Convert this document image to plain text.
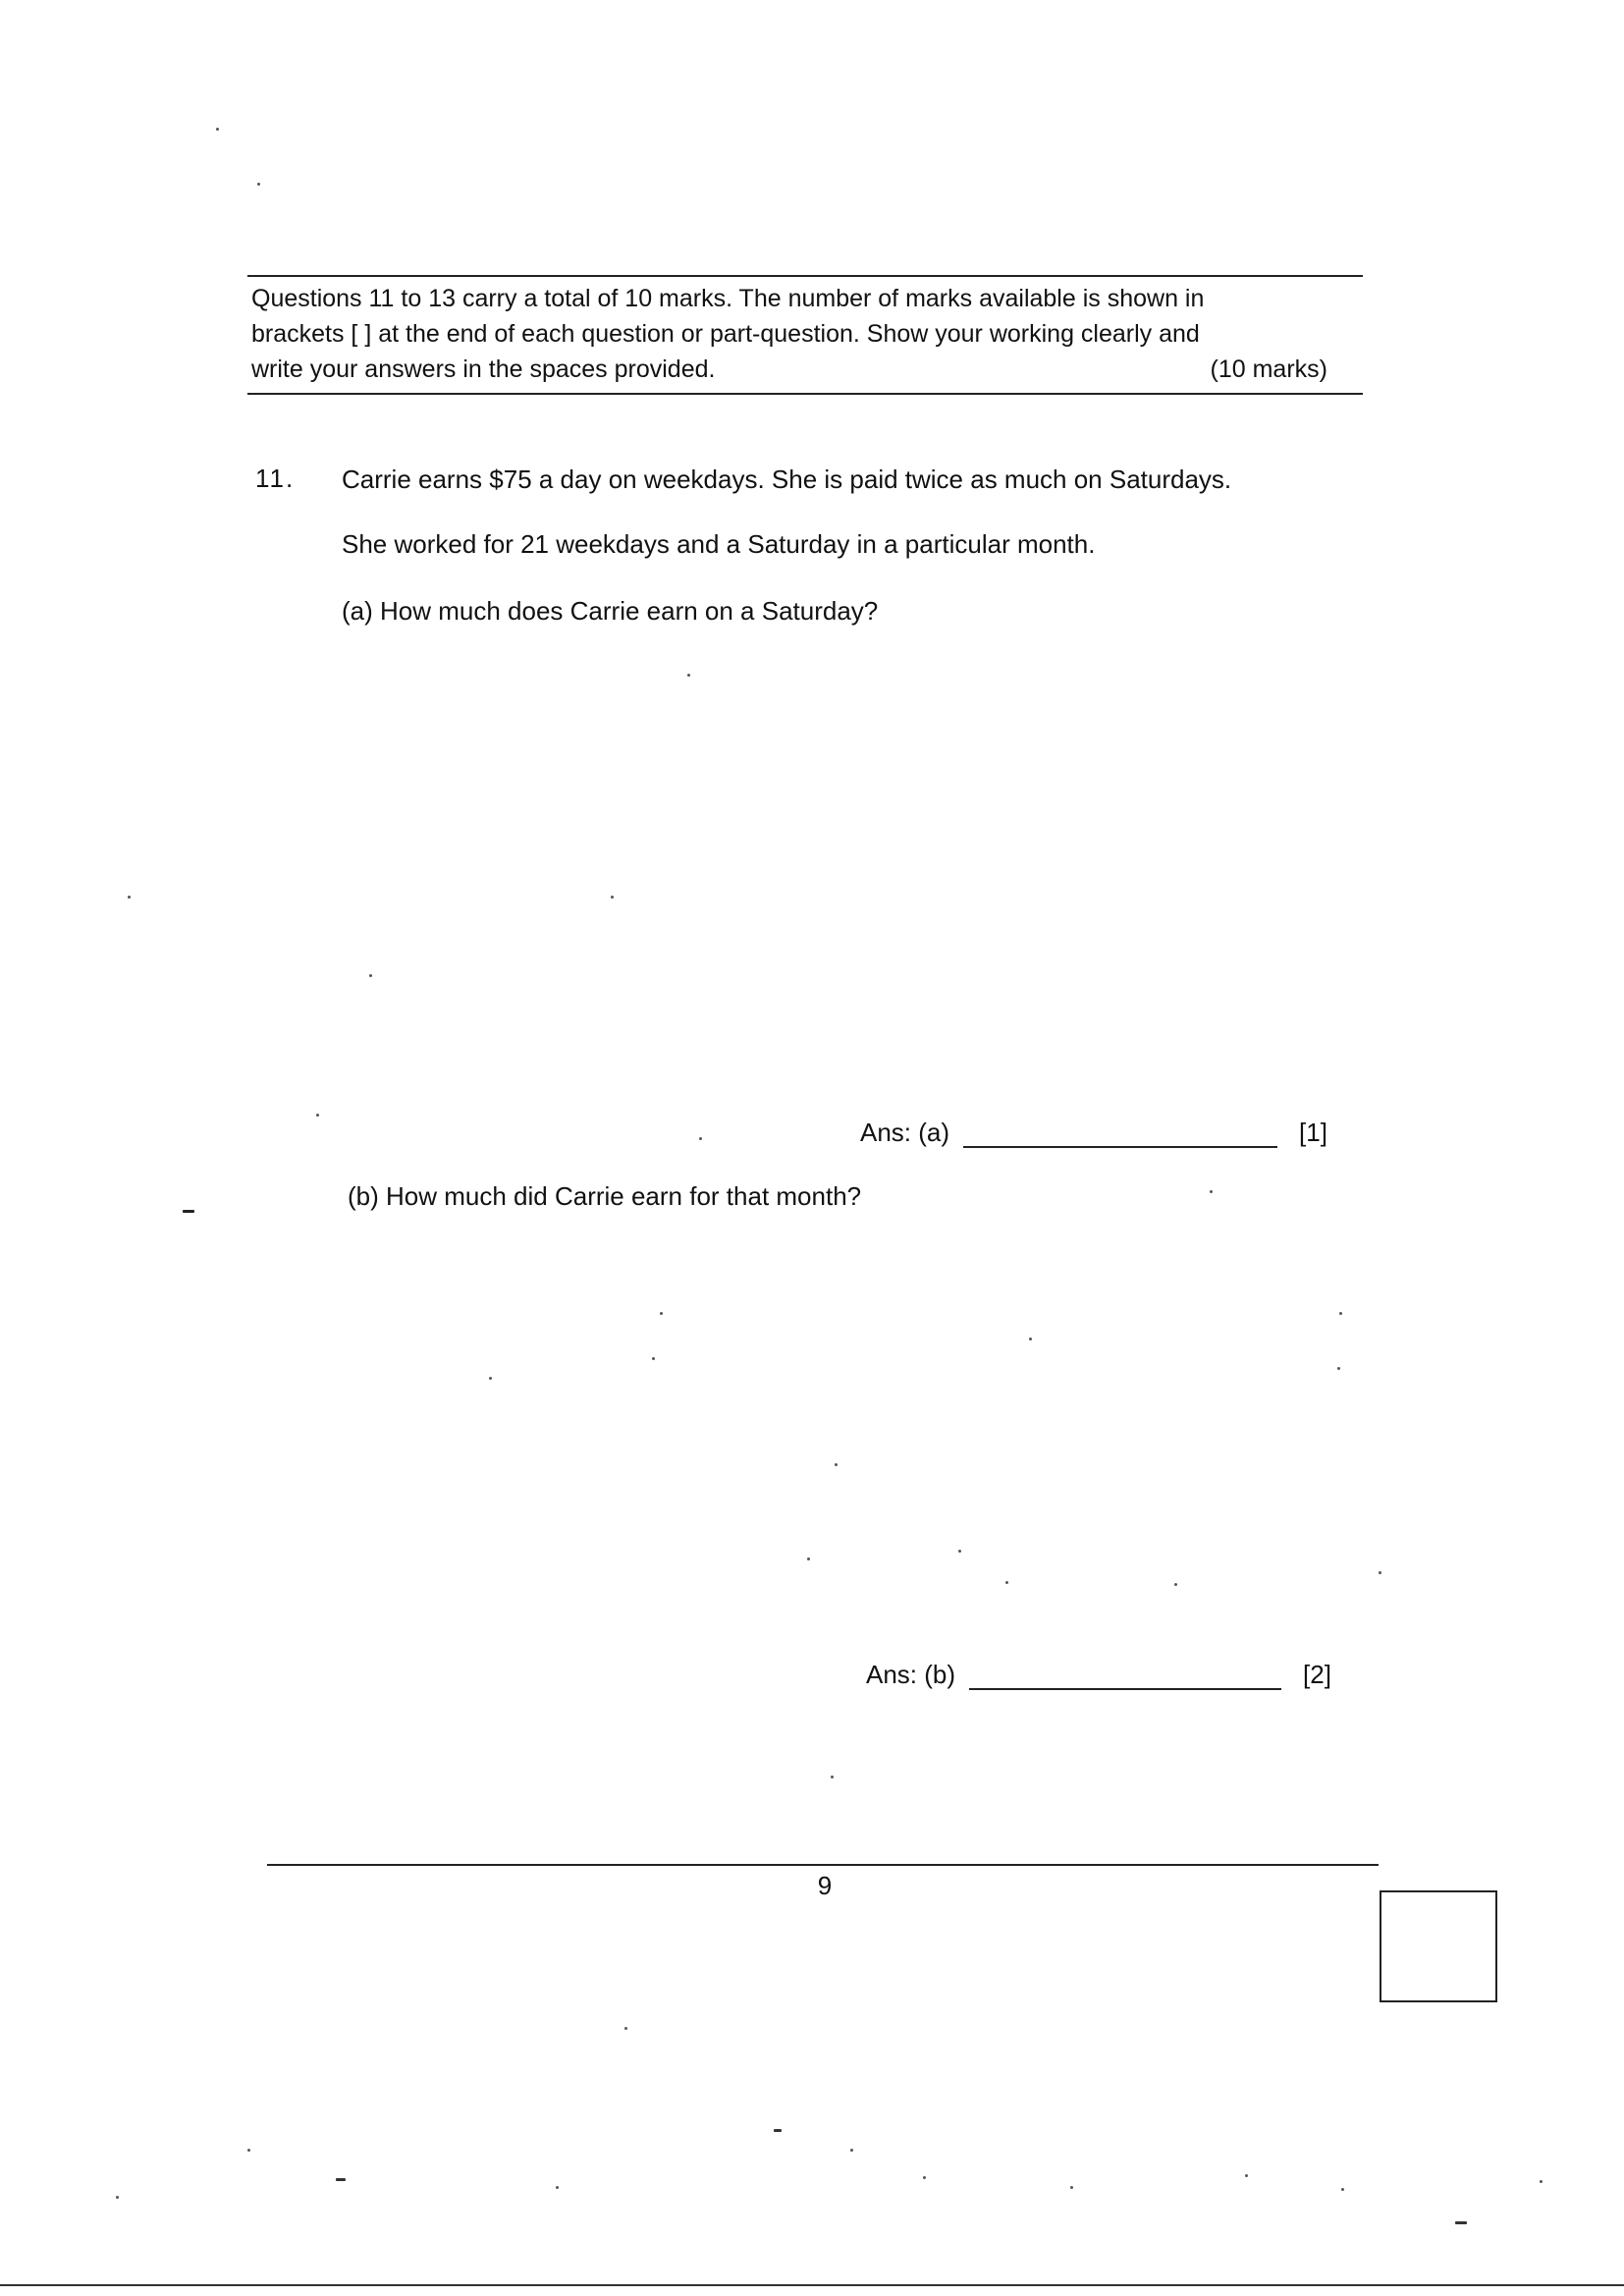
Questions 11 to 13 carry a total of 10 marks. The number of marks available is shown in
brackets [ ] at the end of each question or part-question. Show your working clearly and
write your answers in the spaces provided.	(10 marks)
11. Carrie earns $75 a day on weekdays. She is paid twice as much on Saturdays.
She worked for 21 weekdays and a Saturday in a particular month.
(a) How much does Carrie earn on a Saturday?
Ans: (a)	[1]
(b) How much did Carrie earn for that month?
Ans: (b)	[2]
9
